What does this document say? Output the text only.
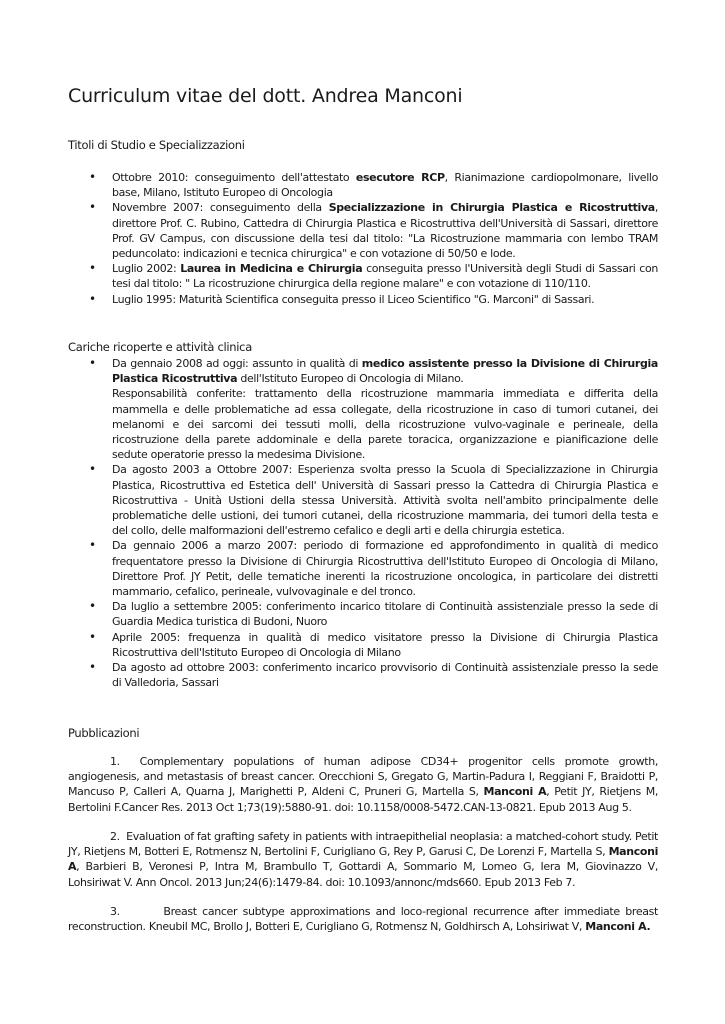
Curriculum vitae del dott. Andrea Manconi
Titoli di Studio e Specializzazioni
• Ottobre 2010: conseguimento dell'attestato esecutore RCP, Rianimazione cardiopolmonare, livello base, Milano, Istituto Europeo di Oncologia
• Novembre 2007: conseguimento della Specializzazione in Chirurgia Plastica e Ricostruttiva, direttore Prof. C. Rubino, Cattedra di Chirurgia Plastica e Ricostruttiva dell'Università di Sassari, direttore Prof. GV Campus, con discussione della tesi dal titolo: "La Ricostruzione mammaria con lembo TRAM peduncolato: indicazioni e tecnica chirurgica" e con votazione di 50/50 e lode.
• Luglio 2002: Laurea in Medicina e Chirurgia conseguita presso l'Università degli Studi di Sassari con tesi dal titolo: " La ricostruzione chirurgica della regione malare" e con votazione di 110/110.
• Luglio 1995: Maturità Scientifica conseguita presso il Liceo Scientifico "G. Marconi" di Sassari.
Cariche ricoperte e attività clinica
• Da gennaio 2008 ad oggi: assunto in qualità di medico assistente presso la Divisione di Chirurgia Plastica Ricostruttiva dell'Istituto Europeo di Oncologia di Milano.
Responsabilità conferite: trattamento della ricostruzione mammaria immediata e differita della mammella e delle problematiche ad essa collegate, della ricostruzione in caso di tumori cutanei, dei melanomi e dei sarcomi dei tessuti molli, della ricostruzione vulvo-vaginale e perineale, della ricostruzione della parete addominale e della parete toracica, organizzazione e pianificazione delle sedute operatorie presso la medesima Divisione.
• Da agosto 2003 a Ottobre 2007: Esperienza svolta presso la Scuola di Specializzazione in Chirurgia Plastica, Ricostruttiva ed Estetica dell' Università di Sassari presso la Cattedra di Chirurgia Plastica e Ricostruttiva - Unità Ustioni della stessa Università. Attività svolta nell'ambito principalmente delle problematiche delle ustioni, dei tumori cutanei, della ricostruzione mammaria, dei tumori della testa e del collo, delle malformazioni dell'estremo cefalico e degli arti e della chirurgia estetica.
• Da gennaio 2006 a marzo 2007: periodo di formazione ed approfondimento in qualità di medico frequentatore presso la Divisione di Chirurgia Ricostruttiva dell'Istituto Europeo di Oncologia di Milano, Direttore Prof. JY Petit, delle tematiche inerenti la ricostruzione oncologica, in particolare dei distretti mammario, cefalico, perineale, vulvovaginale e del tronco.
• Da luglio a settembre 2005: conferimento incarico titolare di Continuità assistenziale presso la sede di Guardia Medica turistica di Budoni, Nuoro
• Aprile 2005: frequenza in qualità di medico visitatore presso la Divisione di Chirurgia Plastica Ricostruttiva dell'Istituto Europeo di Oncologia di Milano
• Da agosto ad ottobre 2003: conferimento incarico provvisorio di Continuità assistenziale presso la sede di Valledoria, Sassari
Pubblicazioni
1. Complementary populations of human adipose CD34+ progenitor cells promote growth, angiogenesis, and metastasis of breast cancer. Orecchioni S, Gregato G, Martin-Padura I, Reggiani F, Braidotti P, Mancuso P, Calleri A, Quarna J, Marighetti P, Aldeni C, Pruneri G, Martella S, Manconi A, Petit JY, Rietjens M, Bertolini F.Cancer Res. 2013 Oct 1;73(19):5880-91. doi: 10.1158/0008-5472.CAN-13-0821. Epub 2013 Aug 5.
2. Evaluation of fat grafting safety in patients with intraepithelial neoplasia: a matched-cohort study. Petit JY, Rietjens M, Botteri E, Rotmensz N, Bertolini F, Curigliano G, Rey P, Garusi C, De Lorenzi F, Martella S, Manconi A, Barbieri B, Veronesi P, Intra M, Brambullo T, Gottardi A, Sommario M, Lomeo G, Iera M, Giovinazzo V, Lohsiriwat V. Ann Oncol. 2013 Jun;24(6):1479-84. doi: 10.1093/annonc/mds660. Epub 2013 Feb 7.
3.	Breast cancer subtype approximations and loco-regional recurrence after immediate breast reconstruction. Kneubil MC, Brollo J, Botteri E, Curigliano G, Rotmensz N, Goldhirsch A, Lohsiriwat V, Manconi A.
